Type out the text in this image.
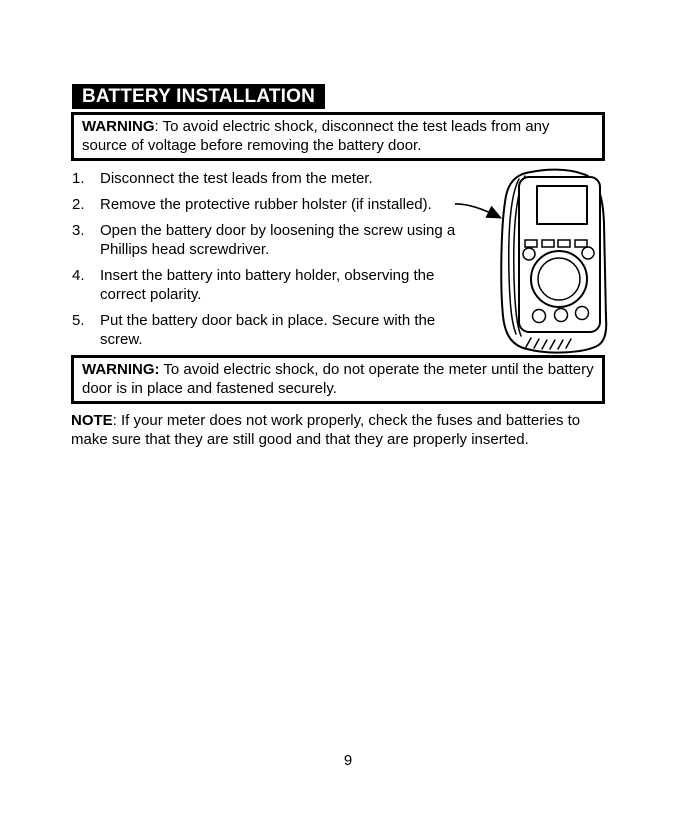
BATTERY INSTALLATION
WARNING: To avoid electric shock, disconnect the test leads from any source of voltage before removing the battery door.
1.	Disconnect the test leads from the meter.
2.	Remove the protective rubber holster (if installed).
3.	Open the battery door by loosening the screw using a Phillips head screwdriver.
4.	Insert the battery into battery holder, observing the correct polarity.
5.	Put the battery door back in place. Secure with the screw.
WARNING: To avoid electric shock, do not operate the meter until the battery door is in place and fastened securely.

NOTE: If your meter does not work properly, check the fuses and batteries to make sure that they are still good and that they are properly inserted.

9
